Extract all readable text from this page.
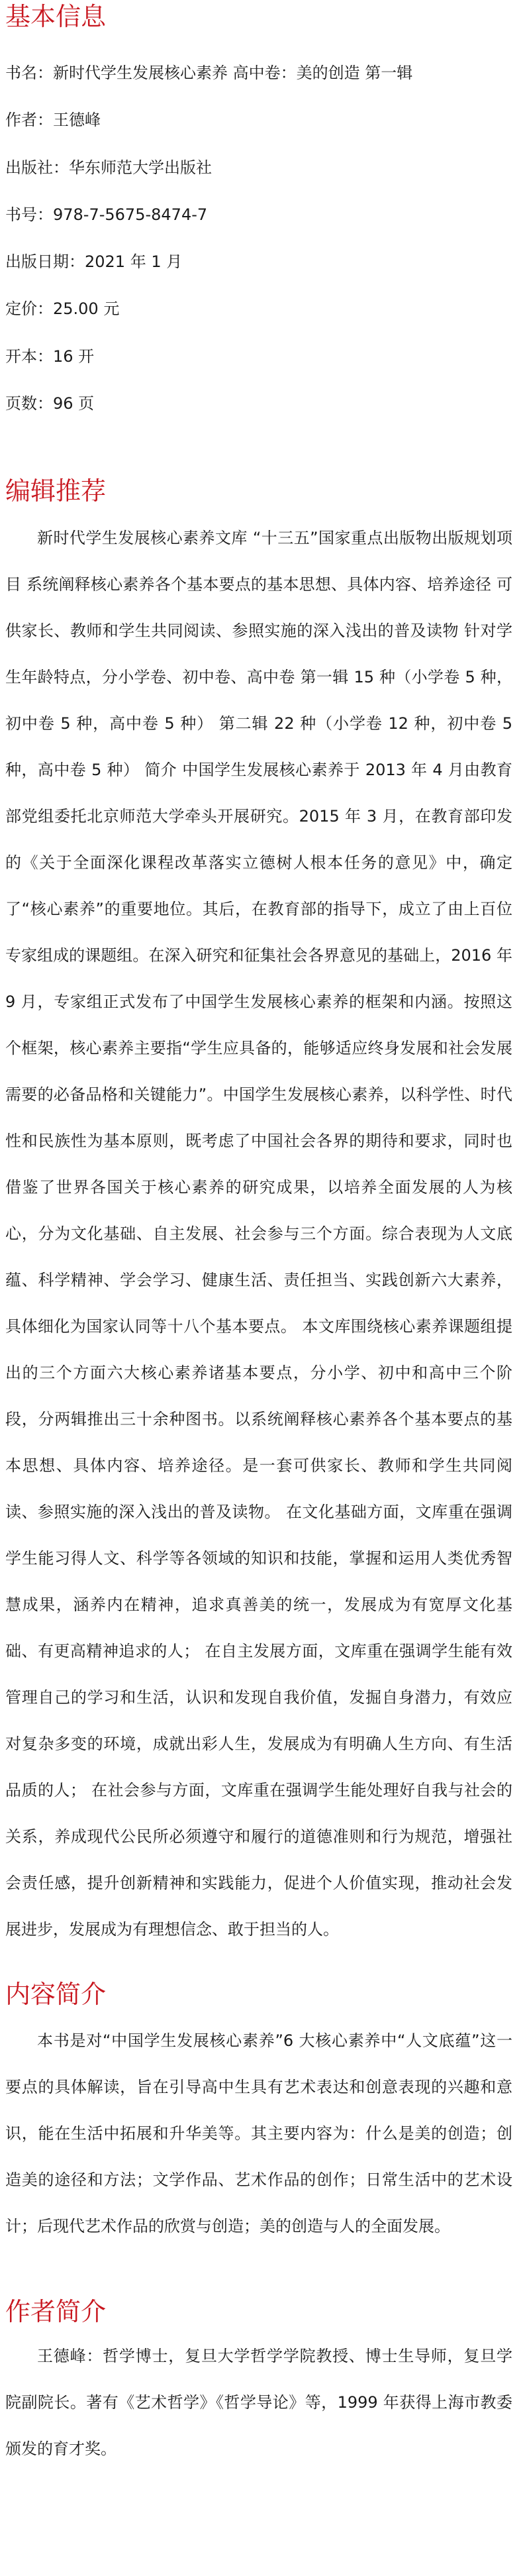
基本信息

书名：新时代学生发展核心素养 高中卷：美的创造 第一辑

作者：王德峰

出版社：华东师范大学出版社

书号：978-7-5675-8474-7

出版日期：2021 年 1 月

定价：25.00 元

开本：16 开

页数：96 页

编辑推荐

新时代学生发展核心素养文库 “十三五”国家重点出版物出版规划项目 系统阐释核心素养各个基本要点的基本思想、具体内容、培养途径 可供家长、教师和学生共同阅读、参照实施的深入浅出的普及读物 针对学生年龄特点，分小学卷、初中卷、高中卷 第一辑 15 种（小学卷 5 种，初中卷 5 种，高中卷 5 种） 第二辑 22 种（小学卷 12 种，初中卷 5 种，高中卷 5 种） 简介 中国学生发展核心素养于 2013 年 4 月由教育部党组委托北京师范大学牵头开展研究。2015 年 3 月，在教育部印发的《关于全面深化课程改革落实立德树人根本任务的意见》中，确定了“核心素养”的重要地位。其后，在教育部的指导下，成立了由上百位专家组成的课题组。在深入研究和征集社会各界意见的基础上，2016 年 9 月，专家组正式发布了中国学生发展核心素养的框架和内涵。按照这个框架，核心素养主要指“学生应具备的，能够适应终身发展和社会发展需要的必备品格和关键能力”。中国学生发展核心素养，以科学性、时代性和民族性为基本原则，既考虑了中国社会各界的期待和要求，同时也借鉴了世界各国关于核心素养的研究成果，以培养全面发展的人为核心，分为文化基础、自主发展、社会参与三个方面。综合表现为人文底蕴、科学精神、学会学习、健康生活、责任担当、实践创新六大素养，具体细化为国家认同等十八个基本要点。 本文库围绕核心素养课题组提出的三个方面六大核心素养诸基本要点，分小学、初中和高中三个阶段，分两辑推出三十余种图书。以系统阐释核心素养各个基本要点的基本思想、具体内容、培养途径。是一套可供家长、教师和学生共同阅读、参照实施的深入浅出的普及读物。 在文化基础方面，文库重在强调学生能习得人文、科学等各领域的知识和技能，掌握和运用人类优秀智慧成果，涵养内在精神，追求真善美的统一，发展成为有宽厚文化基础、有更高精神追求的人； 在自主发展方面，文库重在强调学生能有效管理自己的学习和生活，认识和发现自我价值，发掘自身潜力，有效应对复杂多变的环境，成就出彩人生，发展成为有明确人生方向、有生活品质的人； 在社会参与方面，文库重在强调学生能处理好自我与社会的关系，养成现代公民所必须遵守和履行的道德准则和行为规范，增强社会责任感，提升创新精神和实践能力，促进个人价值实现，推动社会发展进步，发展成为有理想信念、敢于担当的人。

内容简介

本书是对“中国学生发展核心素养”6 大核心素养中“人文底蕴”这一要点的具体解读，旨在引导高中生具有艺术表达和创意表现的兴趣和意识，能在生活中拓展和升华美等。其主要内容为：什么是美的创造；创造美的途径和方法；文学作品、艺术作品的创作；日常生活中的艺术设计；后现代艺术作品的欣赏与创造；美的创造与人的全面发展。

作者简介

王德峰：哲学博士，复旦大学哲学学院教授、博士生导师，复旦学院副院长。著有《艺术哲学》《哲学导论》等，1999 年获得上海市教委颁发的育才奖。
